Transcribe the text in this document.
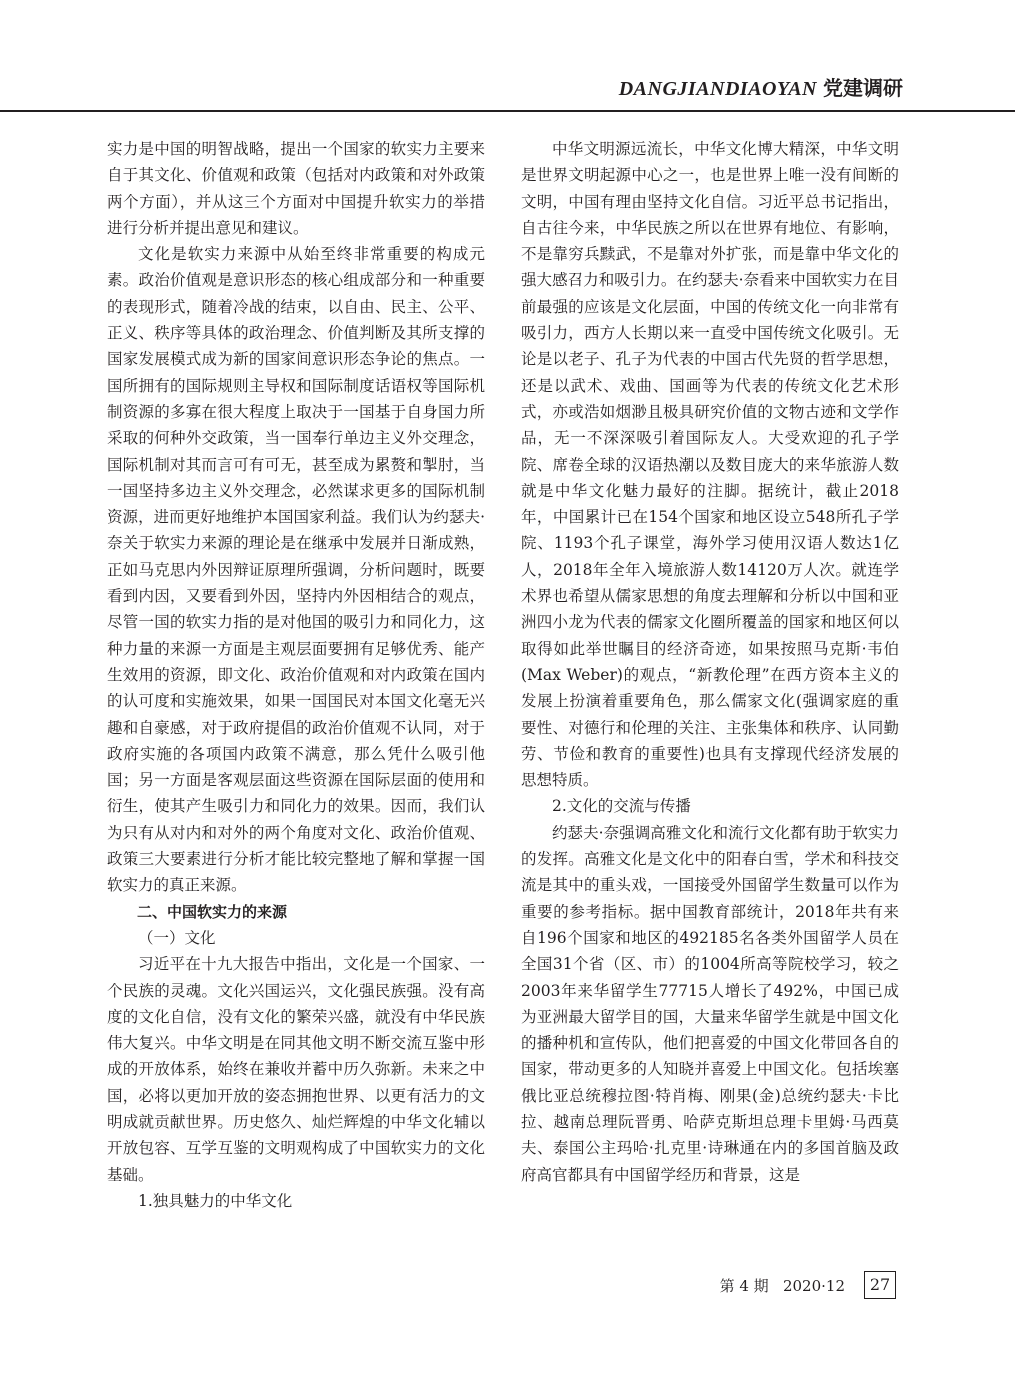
DANGJIANDIAOYAN 党建调研

实力是中国的明智战略，提出一个国家的软实力主要来自于其文化、价值观和政策（包括对内政策和对外政策两个方面），并从这三个方面对中国提升软实力的举措进行分析并提出意见和建议。

文化是软实力来源中从始至终非常重要的构成元素。政治价值观是意识形态的核心组成部分和一种重要的表现形式，随着冷战的结束，以自由、民主、公平、正义、秩序等具体的政治理念、价值判断及其所支撑的国家发展模式成为新的国家间意识形态争论的焦点。一国所拥有的国际规则主导权和国际制度话语权等国际机制资源的多寡在很大程度上取决于一国基于自身国力所采取的何种外交政策，当一国奉行单边主义外交理念，国际机制对其而言可有可无，甚至成为累赘和掣肘，当一国坚持多边主义外交理念，必然谋求更多的国际机制资源，进而更好地维护本国国家利益。我们认为约瑟夫·奈关于软实力来源的理论是在继承中发展并日渐成熟，正如马克思内外因辩证原理所强调，分析问题时，既要看到内因，又要看到外因，坚持内外因相结合的观点，尽管一国的软实力指的是对他国的吸引力和同化力，这种力量的来源一方面是主观层面要拥有足够优秀、能产生效用的资源，即文化、政治价值观和对内政策在国内的认可度和实施效果，如果一国国民对本国文化毫无兴趣和自豪感，对于政府提倡的政治价值观不认同，对于政府实施的各项国内政策不满意，那么凭什么吸引他国；另一方面是客观层面这些资源在国际层面的使用和衍生，使其产生吸引力和同化力的效果。因而，我们认为只有从对内和对外的两个角度对文化、政治价值观、政策三大要素进行分析才能比较完整地了解和掌握一国软实力的真正来源。

二、中国软实力的来源

（一）文化

习近平在十九大报告中指出，文化是一个国家、一个民族的灵魂。文化兴国运兴，文化强民族强。没有高度的文化自信，没有文化的繁荣兴盛，就没有中华民族伟大复兴。中华文明是在同其他文明不断交流互鉴中形成的开放体系，始终在兼收并蓄中历久弥新。未来之中国，必将以更加开放的姿态拥抱世界、以更有活力的文明成就贡献世界。历史悠久、灿烂辉煌的中华文化辅以开放包容、互学互鉴的文明观构成了中国软实力的文化基础。

1.独具魅力的中华文化

中华文明源远流长，中华文化博大精深，中华文明是世界文明起源中心之一，也是世界上唯一没有间断的文明，中国有理由坚持文化自信。习近平总书记指出，自古往今来，中华民族之所以在世界有地位、有影响，不是靠穷兵黩武，不是靠对外扩张，而是靠中华文化的强大感召力和吸引力。在约瑟夫·奈看来中国软实力在目前最强的应该是文化层面，中国的传统文化一向非常有吸引力，西方人长期以来一直受中国传统文化吸引。无论是以老子、孔子为代表的中国古代先贤的哲学思想，还是以武术、戏曲、国画等为代表的传统文化艺术形式，亦或浩如烟渺且极具研究价值的文物古迹和文学作品，无一不深深吸引着国际友人。大受欢迎的孔子学院、席卷全球的汉语热潮以及数目庞大的来华旅游人数就是中华文化魅力最好的注脚。据统计，截止2018年，中国累计已在154个国家和地区设立548所孔子学院、1193个孔子课堂，海外学习使用汉语人数达1亿人，2018年全年入境旅游人数14120万人次。就连学术界也希望从儒家思想的角度去理解和分析以中国和亚洲四小龙为代表的儒家文化圈所覆盖的国家和地区何以取得如此举世瞩目的经济奇迹，如果按照马克斯·韦伯(Max Weber)的观点，“新教伦理”在西方资本主义的发展上扮演着重要角色，那么儒家文化(强调家庭的重要性、对德行和伦理的关注、主张集体和秩序、认同勤劳、节俭和教育的重要性)也具有支撑现代经济发展的思想特质。

2.文化的交流与传播

约瑟夫·奈强调高雅文化和流行文化都有助于软实力的发挥。高雅文化是文化中的阳春白雪，学术和科技交流是其中的重头戏，一国接受外国留学生数量可以作为重要的参考指标。据中国教育部统计，2018年共有来自196个国家和地区的492185名各类外国留学人员在全国31个省（区、市）的1004所高等院校学习，较之2003年来华留学生77715人增长了492%，中国已成为亚洲最大留学目的国，大量来华留学生就是中国文化的播种机和宣传队，他们把喜爱的中国文化带回各自的国家，带动更多的人知晓并喜爱上中国文化。包括埃塞俄比亚总统穆拉图·特肖梅、刚果(金)总统约瑟夫·卡比拉、越南总理阮晋勇、哈萨克斯坦总理卡里姆·马西莫夫、泰国公主玛哈·扎克里·诗琳通在内的多国首脑及政府高官都具有中国留学经历和背景，这是

第 4 期 2020·12	27
